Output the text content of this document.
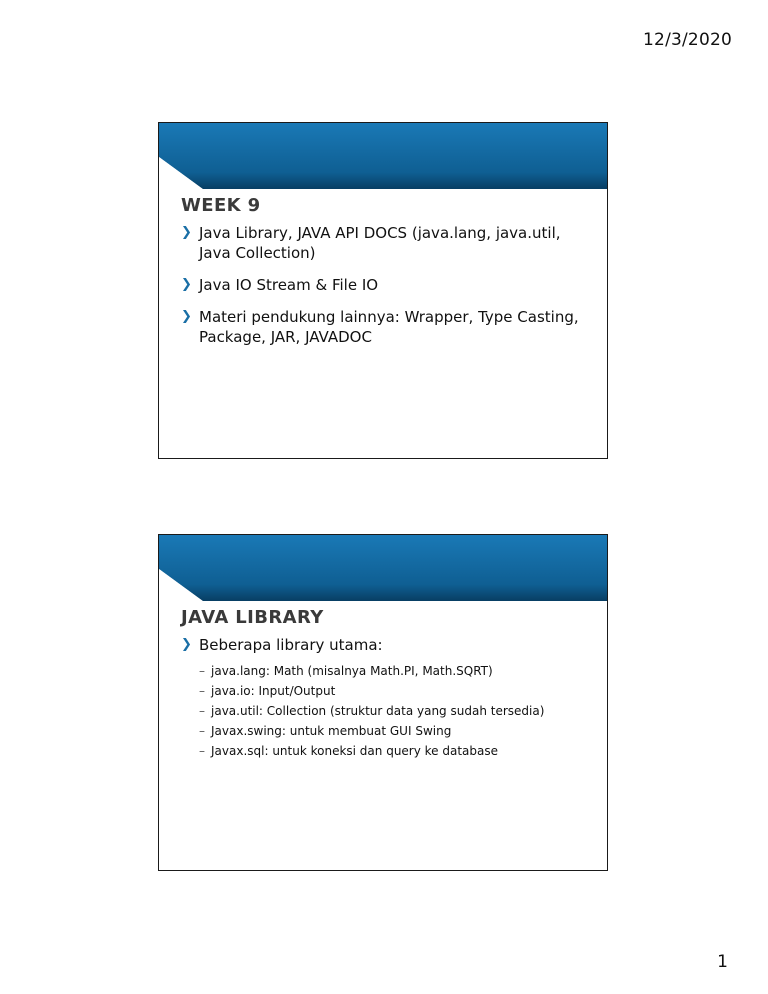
12/3/2020
WEEK 9
❯ Java Library, JAVA API DOCS (java.lang, java.util, Java Collection)
❯ Java IO Stream & File IO
❯ Materi pendukung lainnya: Wrapper, Type Casting, Package, JAR, JAVADOC
JAVA LIBRARY
❯ Beberapa library utama:
– java.lang: Math (misalnya Math.PI, Math.SQRT)
– java.io: Input/Output
– java.util: Collection (struktur data yang sudah tersedia)
– Javax.swing: untuk membuat GUI Swing
– Javax.sql: untuk koneksi dan query ke database
1
